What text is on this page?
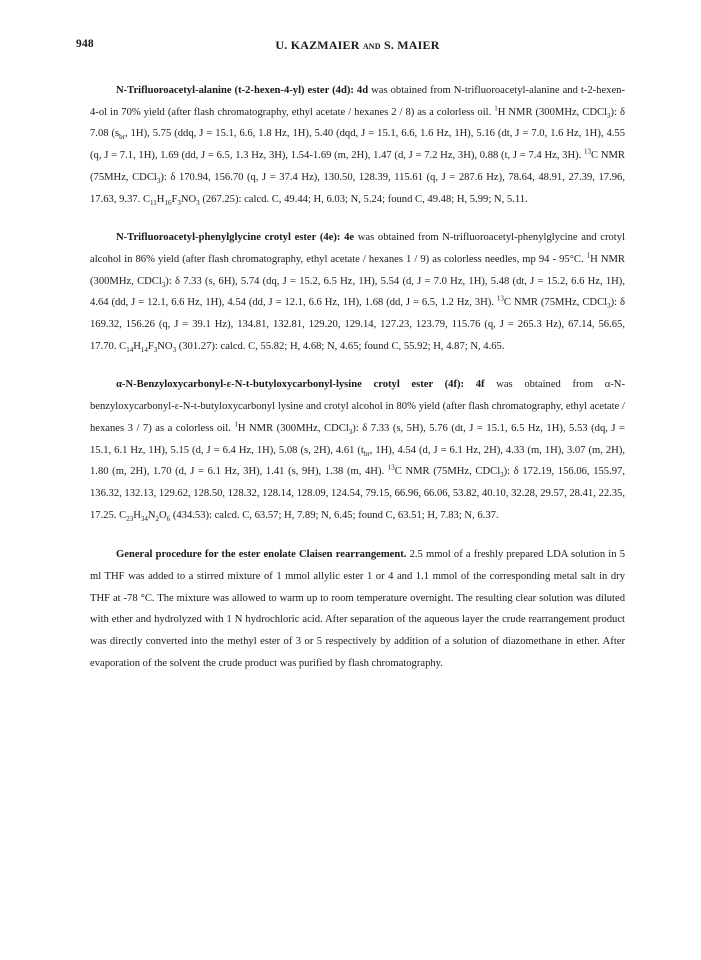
948	U. KAZMAIER and S. MAIER

N-Trifluoroacetyl-alanine (t-2-hexen-4-yl) ester (4d): 4d was obtained from N-trifluoroacetyl-alanine and t-2-hexen-4-ol in 70% yield (after flash chromatography, ethyl acetate / hexanes 2 / 8) as a colorless oil. $^1$H NMR (300MHz, CDCl$_3$): δ 7.08 ($s_{br}$, 1H), 5.75 (ddq, J = 15.1, 6.6, 1.8 Hz, 1H), 5.40 (dqd, J = 15.1, 6.6, 1.6 Hz, 1H), 5.16 (dt, J = 7.0, 1.6 Hz, 1H), 4.55 (q, J = 7.1, 1H), 1.69 (dd, J = 6.5, 1.3 Hz, 3H), 1.54-1.69 (m, 2H), 1.47 (d, J = 7.2 Hz, 3H), 0.88 (t, J = 7.4 Hz, 3H). $^{13}$C NMR (75MHz, CDCl$_3$): δ 170.94, 156.70 (q, J = 37.4 Hz), 130.50, 128.39, 115.61 (q, J = 287.6 Hz), 78.64, 48.91, 27.39, 17.96, 17.63, 9.37. $C_{11}H_{16}F_3NO_3$ (267.25): calcd. C, 49.44; H, 6.03; N, 5.24; found C, 49.48; H, 5.99; N, 5.11.

N-Trifluoroacetyl-phenylglycine crotyl ester (4e): 4e was obtained from N-trifluoroacetyl-phenylglycine and crotyl alcohol in 86% yield (after flash chromatography, ethyl acetate / hexanes 1 / 9) as colorless needles, mp 94 - 95°C. $^1$H NMR (300MHz, CDCl$_3$): δ 7.33 (s, 6H), 5.74 (dq, J = 15.2, 6.5 Hz, 1H), 5.54 (d, J = 7.0 Hz, 1H), 5.48 (dt, J = 15.2, 6.6 Hz, 1H), 4.64 (dd, J = 12.1, 6.6 Hz, 1H), 4.54 (dd, J = 12.1, 6.6 Hz, 1H), 1.68 (dd, J = 6.5, 1.2 Hz, 3H). $^{13}$C NMR (75MHz, CDCl$_3$): δ 169.32, 156.26 (q, J = 39.1 Hz), 134.81, 132.81, 129.20, 129.14, 127.23, 123.79, 115.76 (q, J = 265.3 Hz), 67.14, 56.65, 17.70. $C_{14}H_{14}F_3NO_3$ (301.27): calcd. C, 55.82; H, 4.68; N, 4.65; found C, 55.92; H, 4.87; N, 4.65.

α-N-Benzyloxycarbonyl-ε-N-t-butyloxycarbonyl-lysine crotyl ester (4f): 4f was obtained from α-N-benzyloxycarbonyl-ε-N-t-butyloxycarbonyl lysine and crotyl alcohol in 80% yield (after flash chromatography, ethyl acetate / hexanes 3 / 7) as a colorless oil. $^1$H NMR (300MHz, CDCl$_3$): δ 7.33 (s, 5H), 5.76 (dt, J = 15.1, 6.5 Hz, 1H), 5.53 (dq, J = 15.1, 6.1 Hz, 1H), 5.15 (d, J = 6.4 Hz, 1H), 5.08 (s, 2H), 4.61 ($t_{br}$, 1H), 4.54 (d, J = 6.1 Hz, 2H), 4.33 (m, 1H), 3.07 (m, 2H), 1.80 (m, 2H), 1.70 (d, J = 6.1 Hz, 3H), 1.41 (s, 9H), 1.38 (m, 4H). $^{13}$C NMR (75MHz, CDCl$_3$): δ 172.19, 156.06, 155.97, 136.32, 132.13, 129.62, 128.50, 128.32, 128.14, 128.09, 124.54, 79.15, 66.96, 66.06, 53.82, 40.10, 32.28, 29.57, 28.41, 22.35, 17.25. $C_{23}H_{34}N_2O_6$ (434.53): calcd. C, 63.57; H, 7.89; N, 6.45; found C, 63.51; H, 7.83; N, 6.37.

General procedure for the ester enolate Claisen rearrangement. 2.5 mmol of a freshly prepared LDA solution in 5 ml THF was added to a stirred mixture of 1 mmol allylic ester 1 or 4 and 1.1 mmol of the corresponding metal salt in dry THF at -78 °C. The mixture was allowed to warm up to room temperature overnight. The resulting clear solution was diluted with ether and hydrolyzed with 1 N hydrochloric acid. After separation of the aqueous layer the crude rearrangement product was directly converted into the methyl ester of 3 or 5 respectively by addition of a solution of diazomethane in ether. After evaporation of the solvent the crude product was purified by flash chromatography.
